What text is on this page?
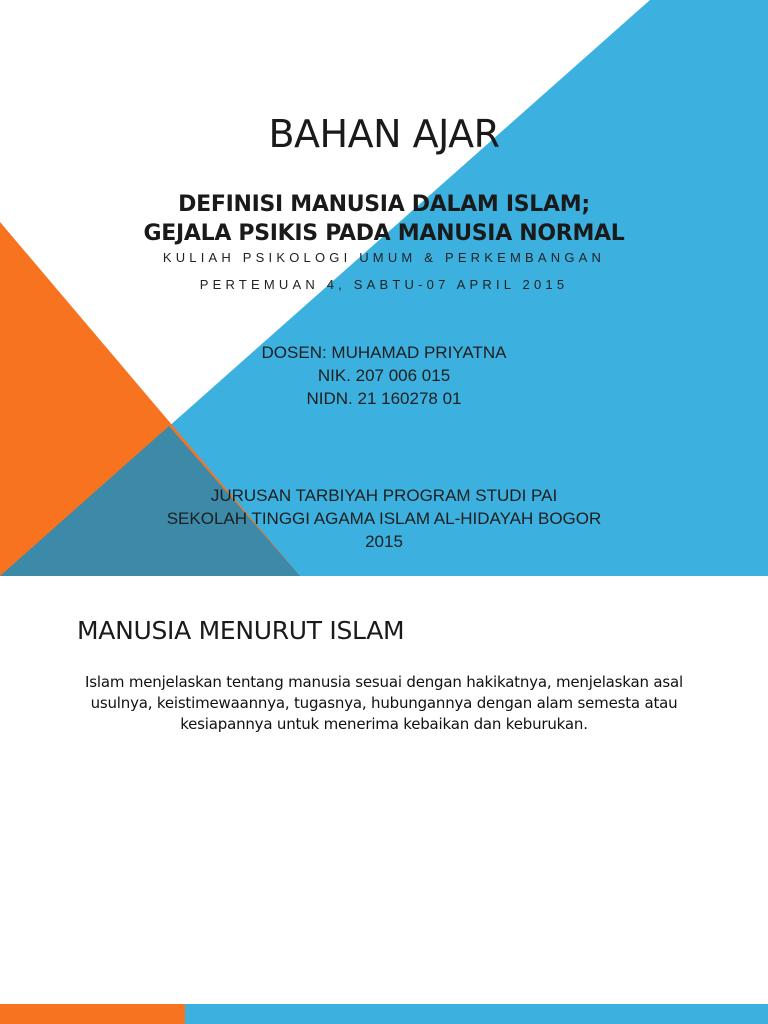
BAHAN AJAR

DEFINISI MANUSIA DALAM ISLAM;

GEJALA PSIKIS PADA MANUSIA NORMAL

KULIAH PSIKOLOGI UMUM & PERKEMBANGAN

PERTEMUAN 4, SABTU-07 APRIL 2015

DOSEN: MUHAMAD PRIYATNA
NIK. 207 006 015
NIDN. 21 160278 01
JURUSAN TARBIYAH PROGRAM STUDI PAI
SEKOLAH TINGGI AGAMA ISLAM AL-HIDAYAH BOGOR
2015

MANUSIA MENURUT ISLAM

Islam menjelaskan tentang manusia sesuai dengan hakikatnya, menjelaskan asal
usulnya, keistimewaannya, tugasnya, hubungannya dengan alam semesta atau
kesiapannya untuk menerima kebaikan dan keburukan.
